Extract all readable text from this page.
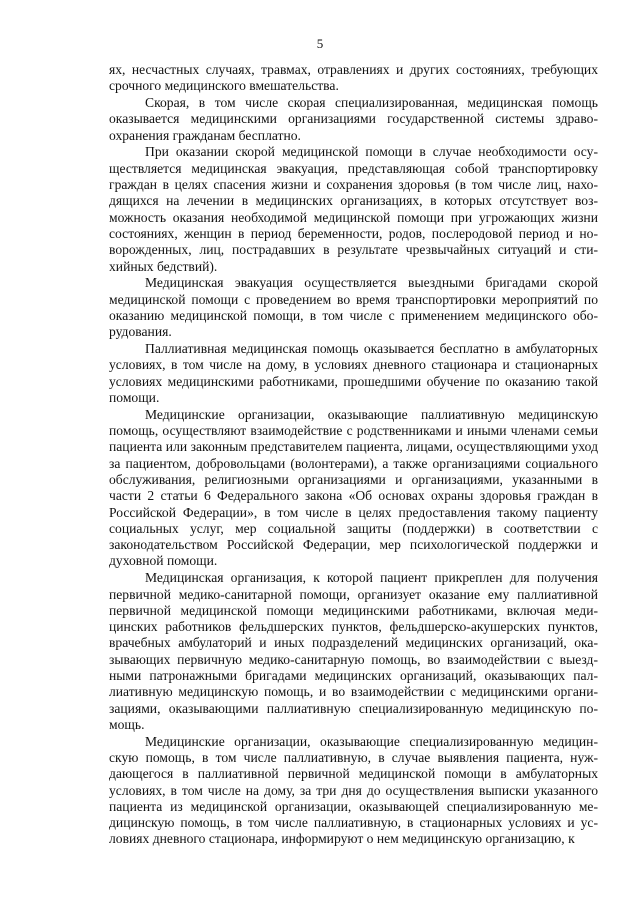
5

ях, несчастных случаях, травмах, отравлениях и других состояниях, требующих срочного медицинского вмешательства.

Скорая, в том числе скорая специализированная, медицинская помощь оказывается медицинскими организациями государственной системы здравоохранения гражданам бесплатно.

При оказании скорой медицинской помощи в случае необходимости осуществляется медицинская эвакуация, представляющая собой транспортировку граждан в целях спасения жизни и сохранения здоровья (в том числе лиц, находящихся на лечении в медицинских организациях, в которых отсутствует возможность оказания необходимой медицинской помощи при угрожающих жизни состояниях, женщин в период беременности, родов, послеродовой период и новорожденных, лиц, пострадавших в результате чрезвычайных ситуаций и стихийных бедствий).

Медицинская эвакуация осуществляется выездными бригадами скорой медицинской помощи с проведением во время транспортировки мероприятий по оказанию медицинской помощи, в том числе с применением медицинского оборудования.

Паллиативная медицинская помощь оказывается бесплатно в амбулаторных условиях, в том числе на дому, в условиях дневного стационара и стационарных условиях медицинскими работниками, прошедшими обучение по оказанию такой помощи.

Медицинские организации, оказывающие паллиативную медицинскую помощь, осуществляют взаимодействие с родственниками и иными членами семьи пациента или законным представителем пациента, лицами, осуществляющими уход за пациентом, добровольцами (волонтерами), а также организациями социального обслуживания, религиозными организациями и организациями, указанными в части 2 статьи 6 Федерального закона «Об основах охраны здоровья граждан в Российской Федерации», в том числе в целях предоставления такому пациенту социальных услуг, мер социальной защиты (поддержки) в соответствии с законодательством Российской Федерации, мер психологической поддержки и духовной помощи.

Медицинская организация, к которой пациент прикреплен для получения первичной медико-санитарной помощи, организует оказание ему паллиативной первичной медицинской помощи медицинскими работниками, включая медицинских работников фельдшерских пунктов, фельдшерско-акушерских пунктов, врачебных амбулаторий и иных подразделений медицинских организаций, оказывающих первичную медико-санитарную помощь, во взаимодействии с выездными патронажными бригадами медицинских организаций, оказывающих паллиативную медицинскую помощь, и во взаимодействии с медицинскими организациями, оказывающими паллиативную специализированную медицинскую помощь.

Медицинские организации, оказывающие специализированную медицинскую помощь, в том числе паллиативную, в случае выявления пациента, нуждающегося в паллиативной первичной медицинской помощи в амбулаторных условиях, в том числе на дому, за три дня до осуществления выписки указанного пациента из медицинской организации, оказывающей специализированную медицинскую помощь, в том числе паллиативную, в стационарных условиях и условиях дневного стационара, информируют о нем медицинскую организацию, к
